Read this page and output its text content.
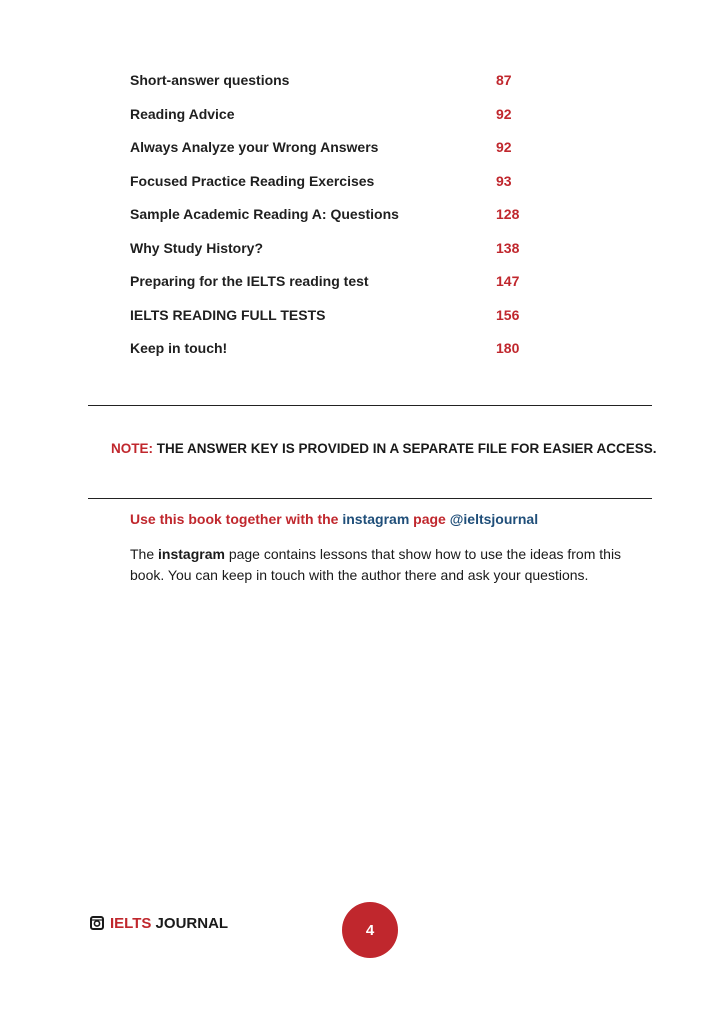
Short-answer questions	87
Reading Advice	92
Always Analyze your Wrong Answers	92
Focused Practice Reading Exercises	93
Sample Academic Reading A: Questions	128
Why Study History?	138
Preparing for the IELTS reading test	147
IELTS READING FULL TESTS	156
Keep in touch!	180
NOTE: THE ANSWER KEY IS PROVIDED IN A SEPARATE FILE FOR EASIER ACCESS.
Use this book together with the instagram page @ieltsjournal
The instagram page contains lessons that show how to use the ideas from this book. You can keep in touch with the author there and ask your questions.
IELTS JOURNAL	4
